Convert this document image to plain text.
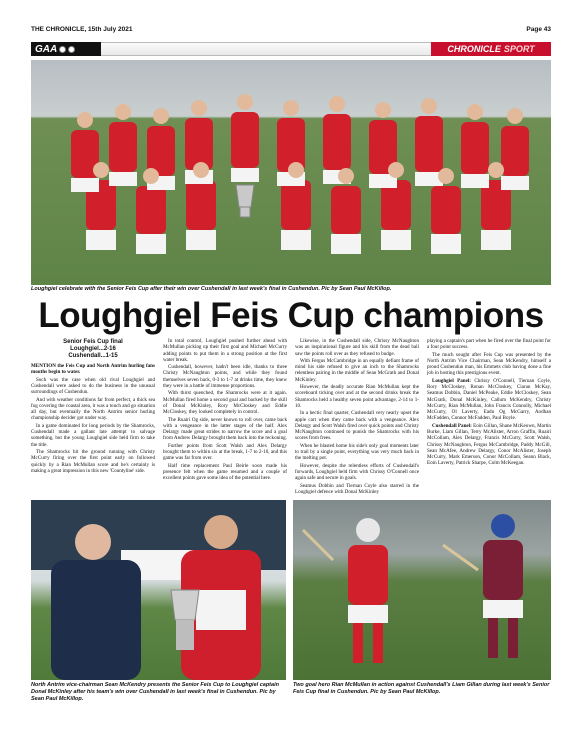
THE CHRONICLE, 15th July 2021	Page 43
GAA	CHRONICLE SPORT
Loughgiel celebrate with the Senior Feis Cup after their win over Cushendall in last week's final in Cushendun. Pic by Sean Paul McKillop.
Loughgiel Feis Cup champions
Senior Feis Cup final
Loughgiel...2-16
Cushendall...1-15

MENTION the Feis Cup and North Antrim hurling fans mouths begin to water.

Such was the case when old rival Loughgiel and Cushendall were asked to do the business in the unusual surroundings of Cushendun.

And with weather conditions far from perfect, a thick sea fog covering the coastal area, it was a touch and go situation all day, but eventually the North Antrim senior hurling championship decider got under way.

In a game dominated for long periods by the Shamrocks, Cushendall made a gallant late attempt to salvage something, but the young Loughgiel side held firm to take the title.

The Shamrocks hit the ground running with Christy McCurry firing over the first point early on followed quickly by a Rian McMullan score and he's certainly is making a great impression in this new 'Countyline' side.

In total control, Loughgiel pushed further ahead with McMullan picking up their first goal and Michael McCurry adding points to put them in a strong position at the first water break.

Cushendall, however, hadn't been idle, thanks to three Christy McNaughton points, and while they found themselves seven back, 0-3 to 1-7 at drinks time, they knew they were in a battle of immense proportions.

With thirst quenched, the Shamrocks were at it again. McMullan fired home a second goal and backed by the skill of Donal McKinley, Rory McCloskey and Eddie McCloskey, they looked completely in control.

The Ruairi Og side, never known to roll over, came back with a vengeance in the latter stages of the half. Alex Delargy made great strides to narrow the score and a goal from Andrew Delargy brought them back into the reckoning.

Further points from Scott Walsh and Alex Delargy brought them to within six at the break, 1-7 to 2-10, and this game was far from over.

Half time replacement Paul Beirle soon made his presence felt when the game resumed and a couple of excellent points gave some idea of the potential here.

Likewise, in the Cushendall side, Chrissy McNaughton was an inspirational figure and his skill from the dead ball saw the points roll over as they refused to budge.

With Fergus McCambridge in an equally defiant frame of mind his side refused to give an inch to the Shamrocks relentless pairing in the middle of Sean McGrath and Donal McKinley.

However, the deadly accurate Rian McMullan kept the scoreboard ticking over and at the second drinks break the Shamrocks held a healthy seven point advantage, 2-14 to 1-10.

In a hectic final quarter, Cushendall very nearly upset the apple cart when they came back with a vengeance. Alex Delargy and Scott Walsh fired over quick points and Christy McNaughton continued to punish the Shamrocks with his scores from frees.

When he blasted home his side's only goal moments later to trail by a single point, everything was very much back in the melting pot.

However, despite the relentless efforts of Cushendall's forwards, Loughgiel held firm with Chrissy O'Connell once again safe and secure in goals.

Seamus Dobbin and Tiernan Coyle also starred in the Loughgiel defence with Donal McKinley

playing a captain's part when he fired over the final point for a four point success.

The much sought after Feis Cup was presented by the North Antrim Vice Chairman, Sean McKendry, himself a proud Cushendun man, his Emmets club having done a fine job in hosting this prestigious event.

Loughgiel Panel: Chrissy O'Connell, Tiernan Coyle, Rory McCloskey, Ronan McCloskey, Ciaran McKay, Seamus Dobbin, Daniel McPeake, Eddie McCloskey, Sean McGrath, Donal McKinley, Callum McKendry, Christy McCurry, Rian McMullan, John Francis Connolly, Michael McCurry, Ol Laverty, Eadn Og McGarry, Aodhan McFadden, Connor McFadden, Paul Boyle.

Cushendall Panel: Eoin Gillan, Shane McKeown, Martin Burke, Liam Gillan, Terry McAlister, Arron Graffin, Ruairi McCollam, Alex Delargy, Francis McCurry, Scott Walsh, Chrissy McNaughton, Fergus McCambridge, Paddy McGill, Sean McAfee, Andrew Delargy, Conor McAlister, Joseph McCurry, Mark Emerson, Conor McCollam, Seann Black, Eoin Laverty, Patrick Sharpe, Colm McKeegan.

North Antrim vice-chairman Sean McKendry presents the Senior Feis Cup to Loughgiel captain Donal McKinley after his team's win over Cushendall in last week's final in Cushendun. Pic by Sean Paul McKillop.
Two goal hero Rian McMullan in action against Cushendall's Liam Gillan during last week's Senior Feis Cup final in Cushendun. Pic by Sean Paul McKillop.
